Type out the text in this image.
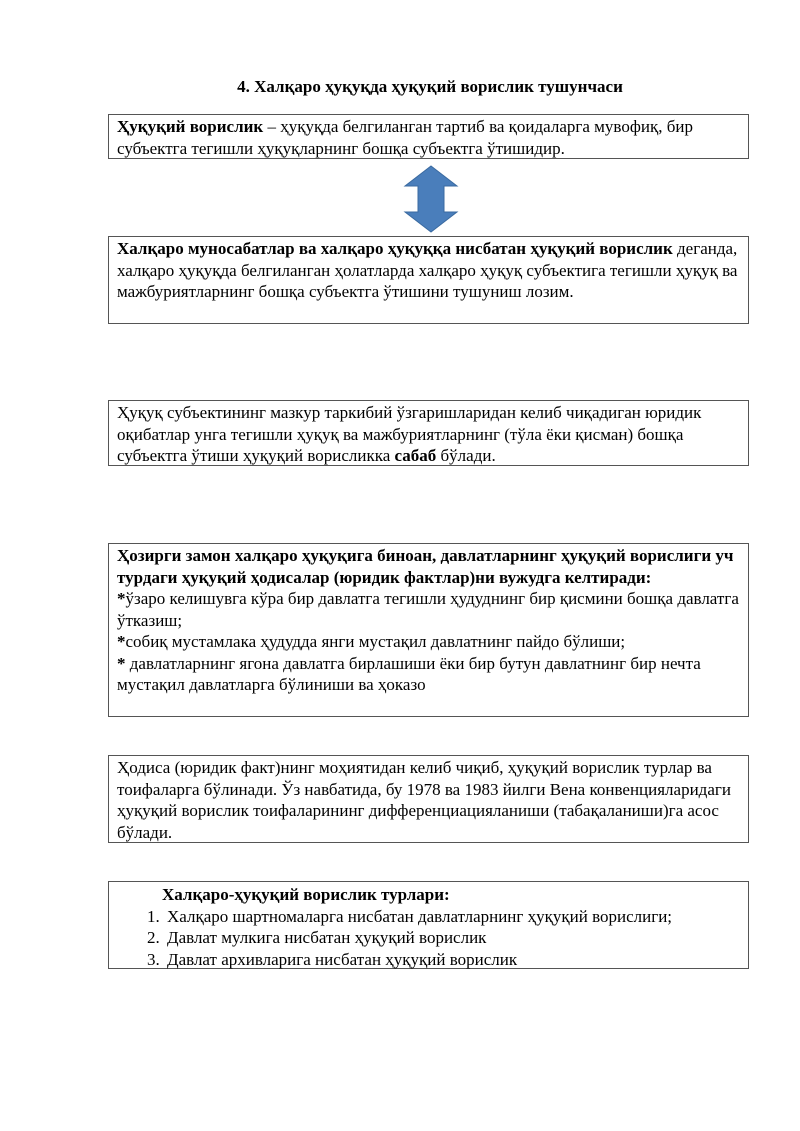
4. Халқаро ҳуқуқда ҳуқуқий ворислик тушунчаси

Ҳуқуқий ворислик – ҳуқуқда белгиланган тартиб ва қоидаларга мувофиқ, бир субъектга тегишли ҳуқуқларнинг бошқа субъектга ўтишидир.

Халқаро муносабатлар ва халқаро ҳуқуққа нисбатан ҳуқуқий ворислик деганда, халқаро ҳуқуқда белгиланган ҳолатларда халқаро ҳуқуқ субъектига тегишли ҳуқуқ ва мажбуриятларнинг бошқа субъектга ўтишини тушуниш лозим.

Ҳуқуқ субъектининг мазкур таркибий ўзгаришларидан келиб чиқадиган юридик оқибатлар унга тегишли ҳуқуқ ва мажбуриятларнинг (тўла ёки қисман) бошқа субъектга ўтиши ҳуқуқий ворисликка сабаб бўлади.

Ҳозирги замон халқаро ҳуқуқига биноан, давлатларнинг ҳуқуқий ворислиги уч турдаги ҳуқуқий ҳодисалар (юридик фактлар)ни вужудга келтиради:

*ўзаро келишувга кўра бир давлатга тегишли ҳудуднинг бир қисмини бошқа давлатга ўтказиш;

*собиқ мустамлака ҳудудда янги мустақил давлатнинг пайдо бўлиши;

* давлатларнинг ягона давлатга бирлашиши ёки бир бутун давлатнинг бир нечта мустақил давлатларга бўлиниши ва ҳоказо

Ҳодиса (юридик факт)нинг моҳиятидан келиб чиқиб, ҳуқуқий ворислик турлар ва тоифаларга бўлинади. Ўз навбатида, бу 1978 ва 1983 йилги Вена конвенцияларидаги ҳуқуқий ворислик тоифаларининг дифференциацияланиши (табақаланиши)га асос бўлади.

Халқаро-ҳуқуқий ворислик турлари:

1. Халқаро шартномаларга нисбатан давлатларнинг ҳуқуқий ворислиги;
2. Давлат мулкига нисбатан ҳуқуқий ворислик
3. Давлат архивларига нисбатан ҳуқуқий ворислик
